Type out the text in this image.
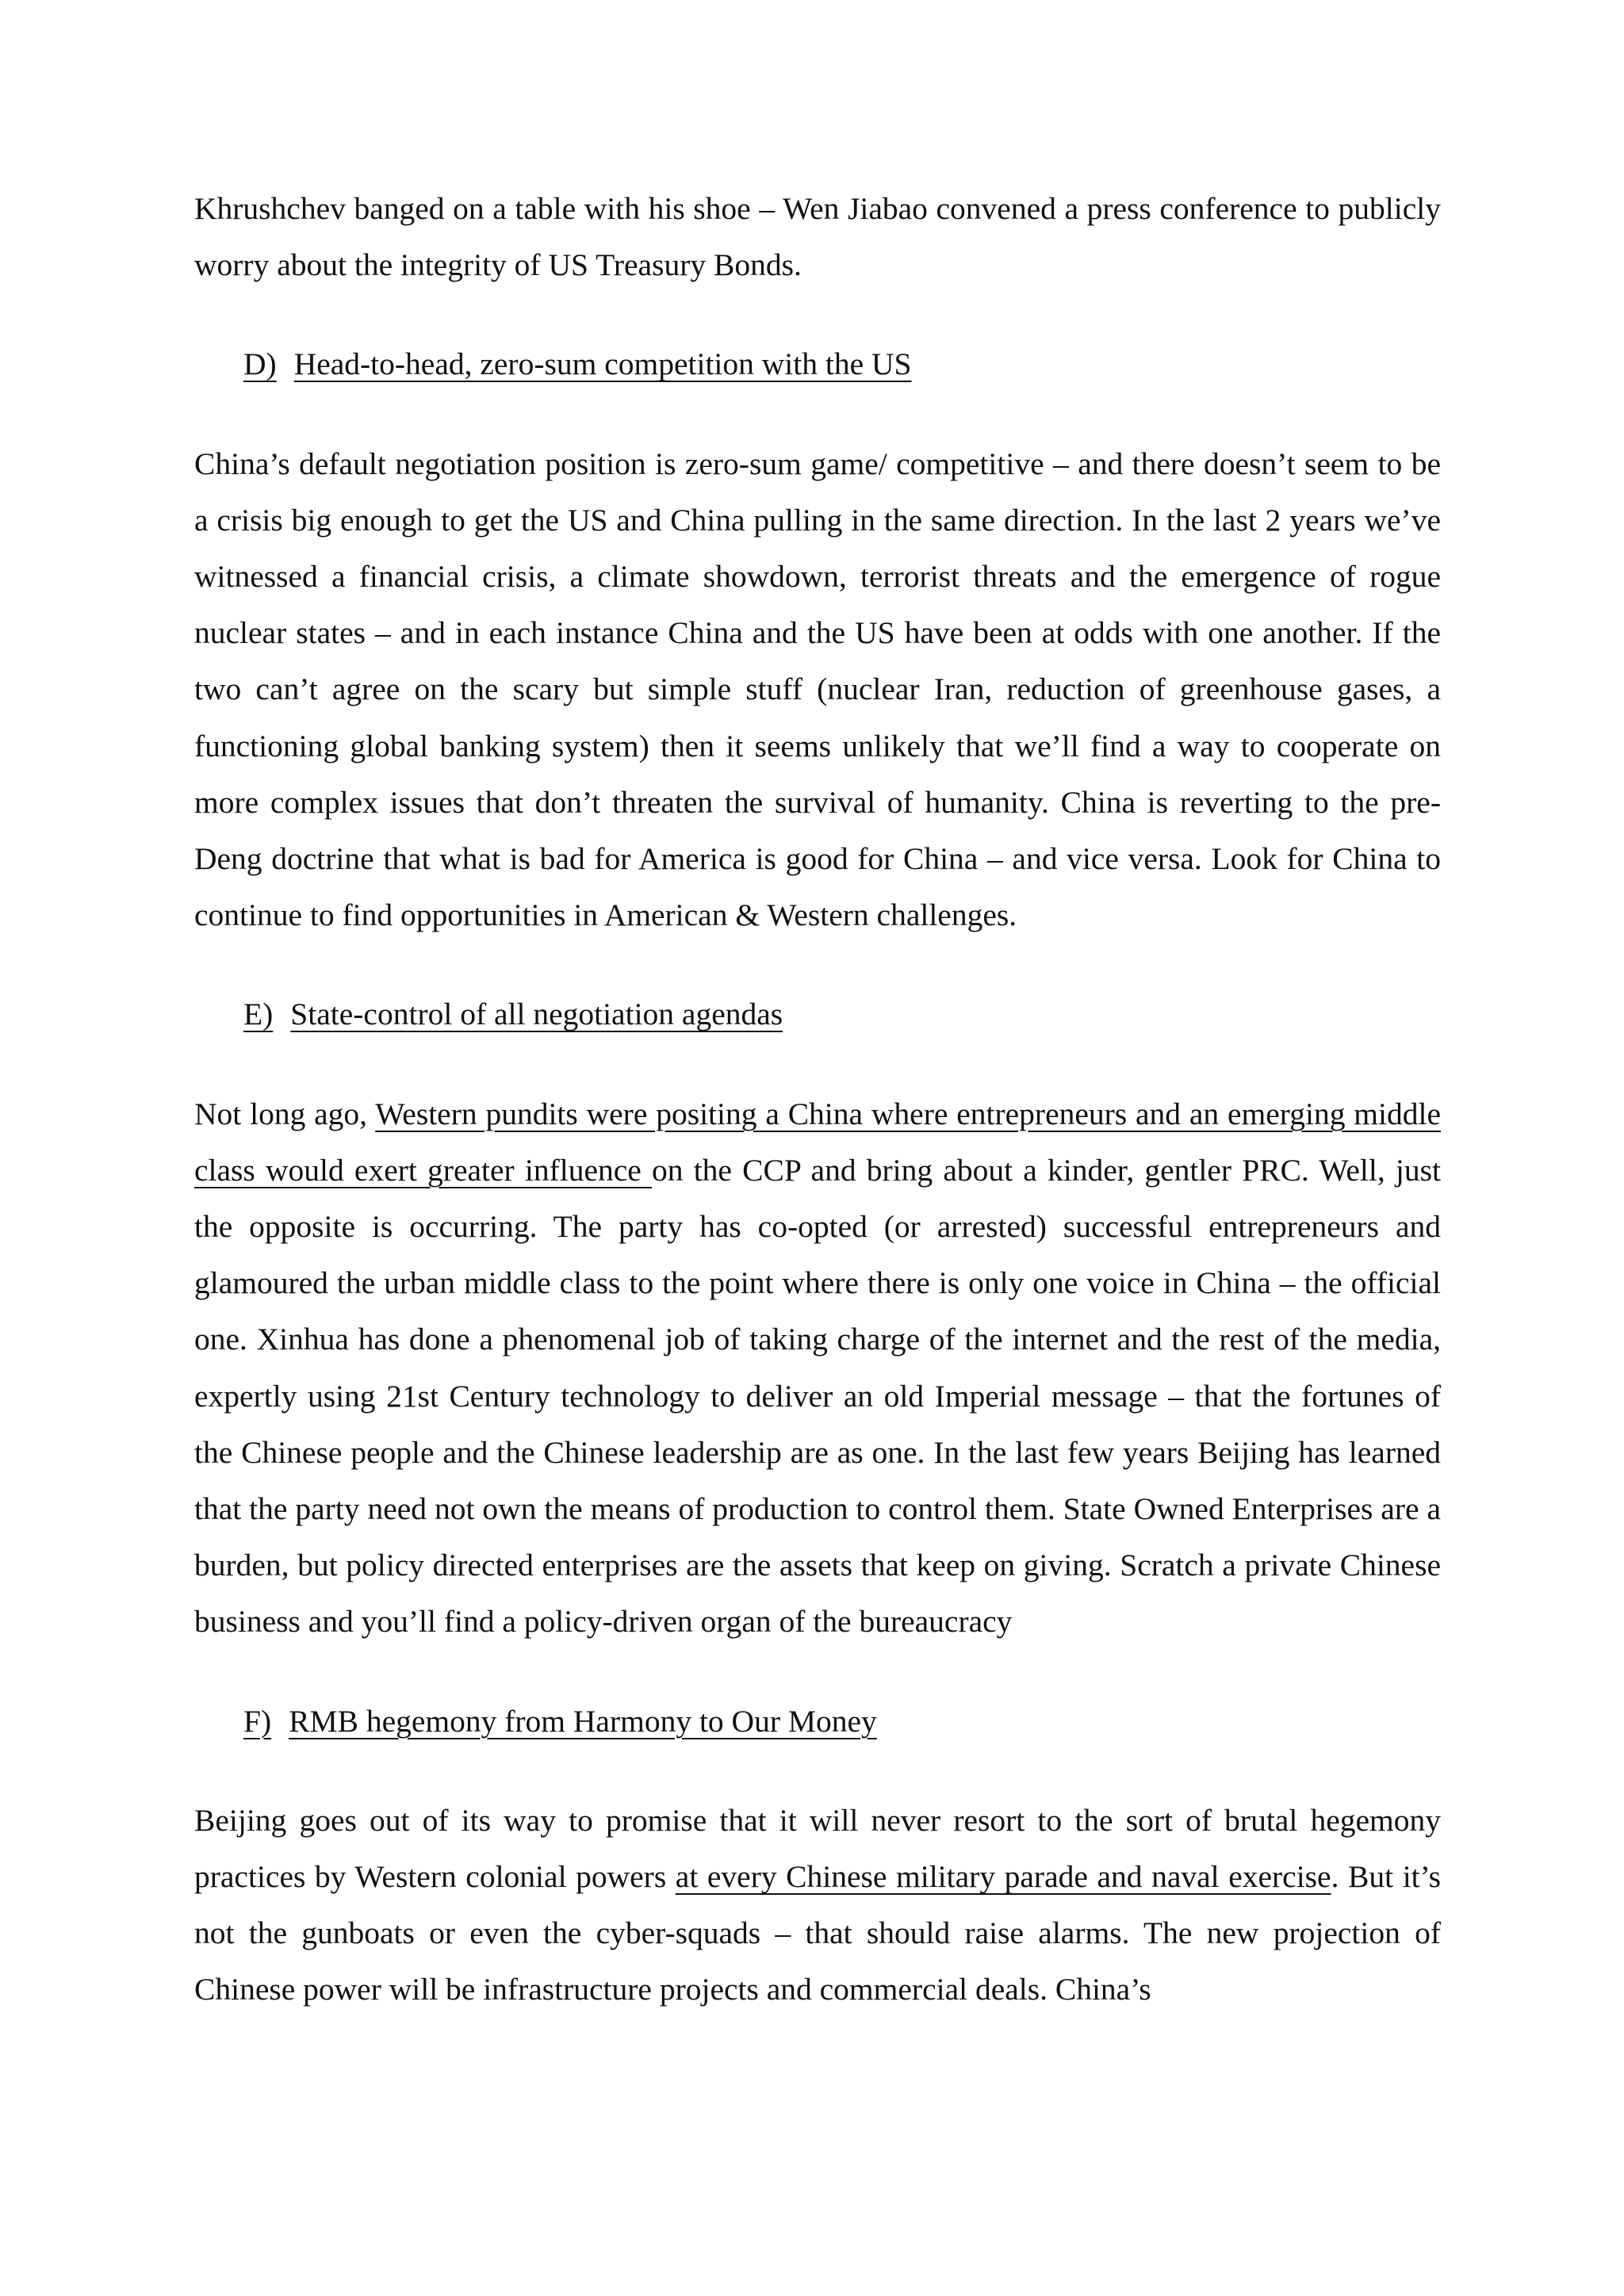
Khrushchev banged on a table with his shoe – Wen Jiabao convened a press conference to publicly worry about the integrity of US Treasury Bonds.

D) Head-to-head, zero-sum competition with the US

China’s default negotiation position is zero-sum game/ competitive – and there doesn’t seem to be a crisis big enough to get the US and China pulling in the same direction. In the last 2 years we’ve witnessed a financial crisis, a climate showdown, terrorist threats and the emergence of rogue nuclear states – and in each instance China and the US have been at odds with one another. If the two can’t agree on the scary but simple stuff (nuclear Iran, reduction of greenhouse gases, a functioning global banking system) then it seems unlikely that we’ll find a way to cooperate on more complex issues that don’t threaten the survival of humanity. China is reverting to the pre-Deng doctrine that what is bad for America is good for China – and vice versa. Look for China to continue to find opportunities in American & Western challenges.

E) State-control of all negotiation agendas

Not long ago, Western pundits were positing a China where entrepreneurs and an emerging middle class would exert greater influence on the CCP and bring about a kinder, gentler PRC. Well, just the opposite is occurring. The party has co-opted (or arrested) successful entrepreneurs and glamoured the urban middle class to the point where there is only one voice in China – the official one. Xinhua has done a phenomenal job of taking charge of the internet and the rest of the media, expertly using 21st Century technology to deliver an old Imperial message – that the fortunes of the Chinese people and the Chinese leadership are as one. In the last few years Beijing has learned that the party need not own the means of production to control them. State Owned Enterprises are a burden, but policy directed enterprises are the assets that keep on giving. Scratch a private Chinese business and you’ll find a policy-driven organ of the bureaucracy

F) RMB hegemony from Harmony to Our Money

Beijing goes out of its way to promise that it will never resort to the sort of brutal hegemony practices by Western colonial powers at every Chinese military parade and naval exercise. But it’s not the gunboats or even the cyber-squads – that should raise alarms. The new projection of Chinese power will be infrastructure projects and commercial deals. China’s
